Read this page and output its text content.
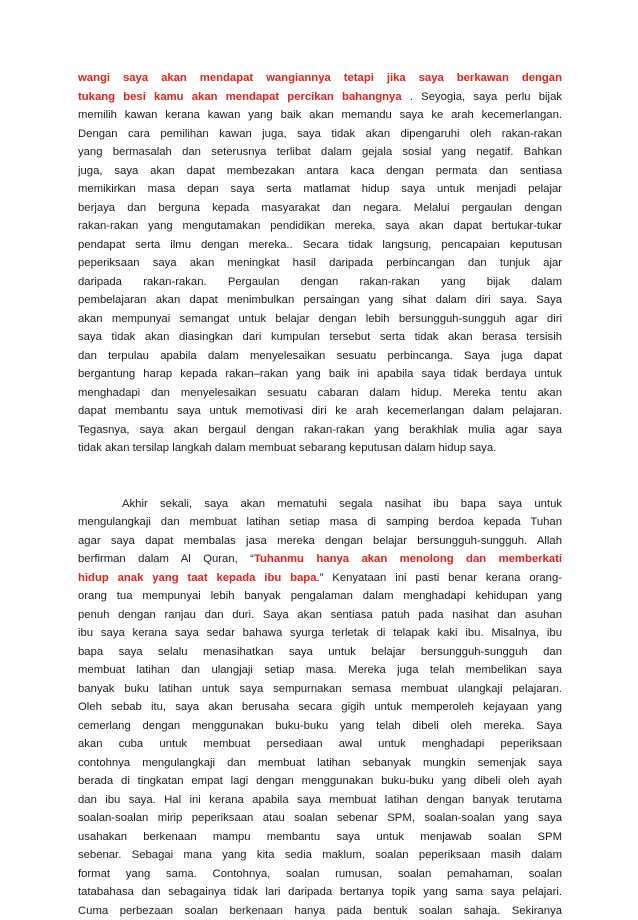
wangi saya akan mendapat wangiannya tetapi jika saya berkawan dengan
tukang besi kamu akan mendapat percikan bahangnya . Seyogia, saya perlu bijak
memilih kawan kerana kawan yang baik akan memandu saya ke arah kecemerlangan.
Dengan cara pemilihan kawan juga, saya tidak akan dipengaruhi oleh rakan-rakan
yang bermasalah dan seterusnya terlibat dalam gejala sosial yang negatif. Bahkan
juga, saya akan dapat membezakan antara kaca dengan permata dan sentiasa
memikirkan masa depan saya serta matlamat hidup saya untuk menjadi pelajar
berjaya dan berguna kepada masyarakat dan negara. Melalui pergaulan dengan
rakan-rakan yang mengutamakan pendidikan mereka, saya akan dapat bertukar-tukar
pendapat serta ilmu dengan mereka.. Secara tidak langsung, pencapaian keputusan
peperiksaan saya akan meningkat hasil daripada perbincangan dan tunjuk ajar
daripada rakan-rakan. Pergaulan dengan rakan-rakan yang bijak dalam
pembelajaran akan dapat menimbulkan persaingan yang sihat dalam diri saya. Saya
akan mempunyai semangat untuk belajar dengan lebih bersungguh-sungguh agar diri
saya tidak akan diasingkan dari kumpulan tersebut serta tidak akan berasa tersisih
dan terpulau apabila dalam menyelesaikan sesuatu perbincanga. Saya juga dapat
bergantung harap kepada rakan–rakan yang baik ini apabila saya tidak berdaya untuk
menghadapi dan menyelesaikan sesuatu cabaran dalam hidup. Mereka tentu akan
dapat membantu saya untuk memotivasi diri ke arah kecemerlangan dalam pelajaran.
Tegasnya, saya akan bergaul dengan rakan-rakan yang berakhlak mulia agar saya
tidak akan tersilap langkah dalam membuat sebarang keputusan dalam hidup saya.
Akhir sekali, saya akan mematuhi segala nasihat ibu bapa saya untuk
mengulangkaji dan membuat latihan setiap masa di samping berdoa kepada Tuhan
agar saya dapat membalas jasa mereka dengan belajar bersungguh-sungguh. Allah
berfirman dalam Al Quran, “Tuhanmu hanya akan menolong dan memberkati
hidup anak yang taat kepada ibu bapa.” Kenyataan ini pasti benar kerana orang-
orang tua mempunyai lebih banyak pengalaman dalam menghadapi kehidupan yang
penuh dengan ranjau dan duri. Saya akan sentiasa patuh pada nasihat dan asuhan
ibu saya kerana saya sedar bahawa syurga terletak di telapak kaki ibu. Misalnya, ibu
bapa saya selalu menasihatkan saya untuk belajar bersungguh-sungguh dan
membuat latihan dan ulangjaji setiap masa. Mereka juga telah membelikan saya
banyak buku latihan untuk saya sempurnakan semasa membuat ulangkaji pelajaran.
Oleh sebab itu, saya akan berusaha secara gigih untuk memperoleh kejayaan yang
cemerlang dengan menggunakan buku-buku yang telah dibeli oleh mereka. Saya
akan cuba untuk membuat persediaan awal untuk menghadapi peperiksaan
contohnya mengulangkaji dan membuat latihan sebanyak mungkin semenjak saya
berada di tingkatan empat lagi dengan menggunakan buku-buku yang dibeli oleh ayah
dan ibu saya. Hal ini kerana apabila saya membuat latihan dengan banyak terutama
soalan-soalan mirip peperiksaan atau soalan sebenar SPM, soalan-soalan yang saya
usahakan berkenaan mampu membantu saya untuk menjawab soalan SPM
sebenar. Sebagai mana yang kita sedia maklum, soalan peperiksaan masih dalam
format yang sama. Contohnya, soalan rumusan, soalan pemahaman, soalan
tatabahasa dan sebagainya tidak lari daripada bertanya topik yang sama saya pelajari.
Cuma perbezaan soalan berkenaan hanya pada bentuk soalan sahaja. Sekiranya
